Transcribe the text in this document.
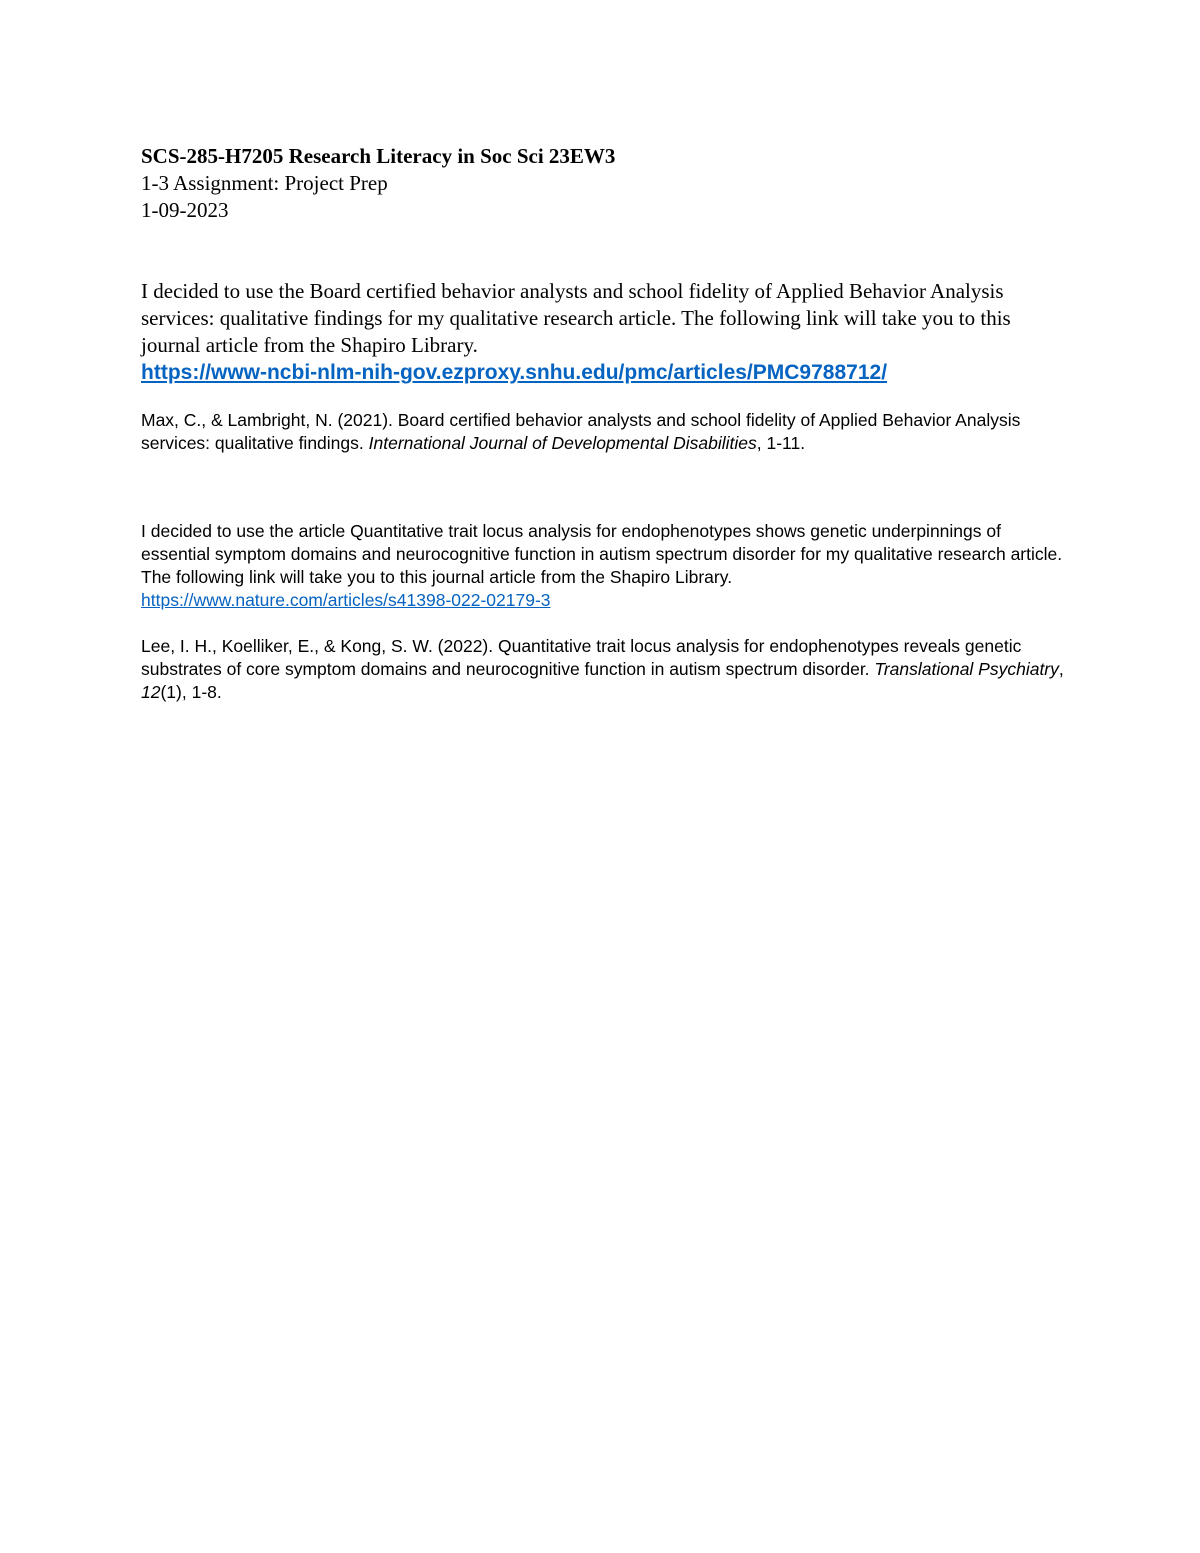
SCS-285-H7205 Research Literacy in Soc Sci 23EW3

1-3 Assignment: Project Prep

1-09-2023

I decided to use the Board certified behavior analysts and school fidelity of Applied Behavior Analysis services: qualitative findings for my qualitative research article. The following link will take you to this journal article from the Shapiro Library.

https://www-ncbi-nlm-nih-gov.ezproxy.snhu.edu/pmc/articles/PMC9788712/

Max, C., & Lambright, N. (2021). Board certified behavior analysts and school fidelity of Applied Behavior Analysis services: qualitative findings. International Journal of Developmental Disabilities, 1-11.

I decided to use the article Quantitative trait locus analysis for endophenotypes shows genetic underpinnings of essential symptom domains and neurocognitive function in autism spectrum disorder for my qualitative research article. The following link will take you to this journal article from the Shapiro Library.

https://www.nature.com/articles/s41398-022-02179-3

Lee, I. H., Koelliker, E., & Kong, S. W. (2022). Quantitative trait locus analysis for endophenotypes reveals genetic substrates of core symptom domains and neurocognitive function in autism spectrum disorder. Translational Psychiatry, 12(1), 1-8.
